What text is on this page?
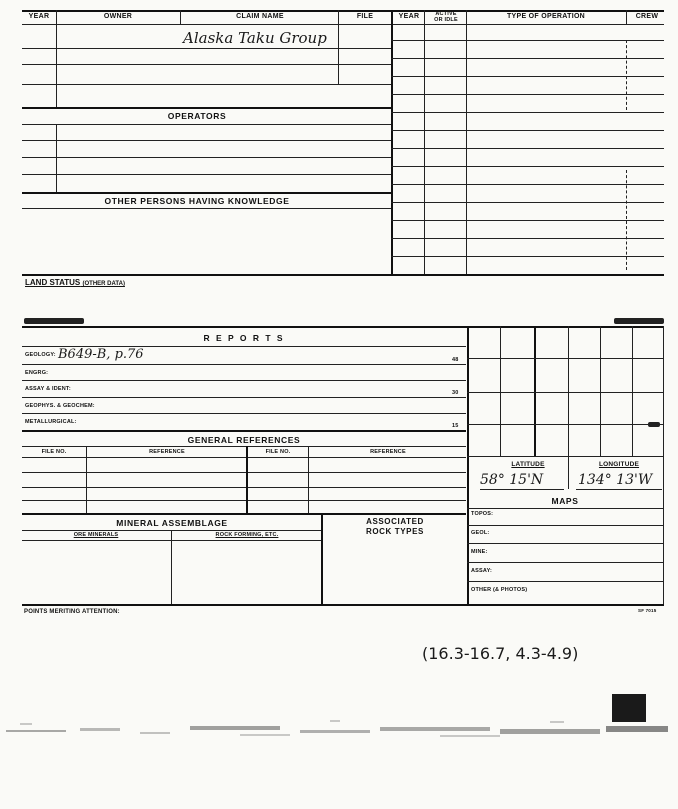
YEAR	OWNER	CLAIM NAME	FILE	YEAR	ACTIVE
OR IDLE	TYPE OF OPERATION	CREW
Alaska Taku Group
OPERATORS
OTHER PERSONS HAVING KNOWLEDGE
LAND STATUS (OTHER DATA)
R E P O R T S
GEOLOGY: B649-B, p.76	48
ENGRG:
ASSAY & IDENT:
30
GEOPHYS. & GEOCHEM:
METALLURGICAL:
15
GENERAL REFERENCES
FILE NO.	REFERENCE	FILE NO.	REFERENCE
LATITUDE	LONGITUDE
58° 15'N 134° 13'W
MAPS
TOPOS:
GEOL:
MINE:
ASSAY:
OTHER (& PHOTOS)
MINERAL ASSEMBLAGE
ORE MINERALS	ROCK FORMING, ETC.
ASSOCIATED
ROCK TYPES
POINTS MERITING ATTENTION:	SF 7015
(16.3-16.7, 4.3-4.9)
